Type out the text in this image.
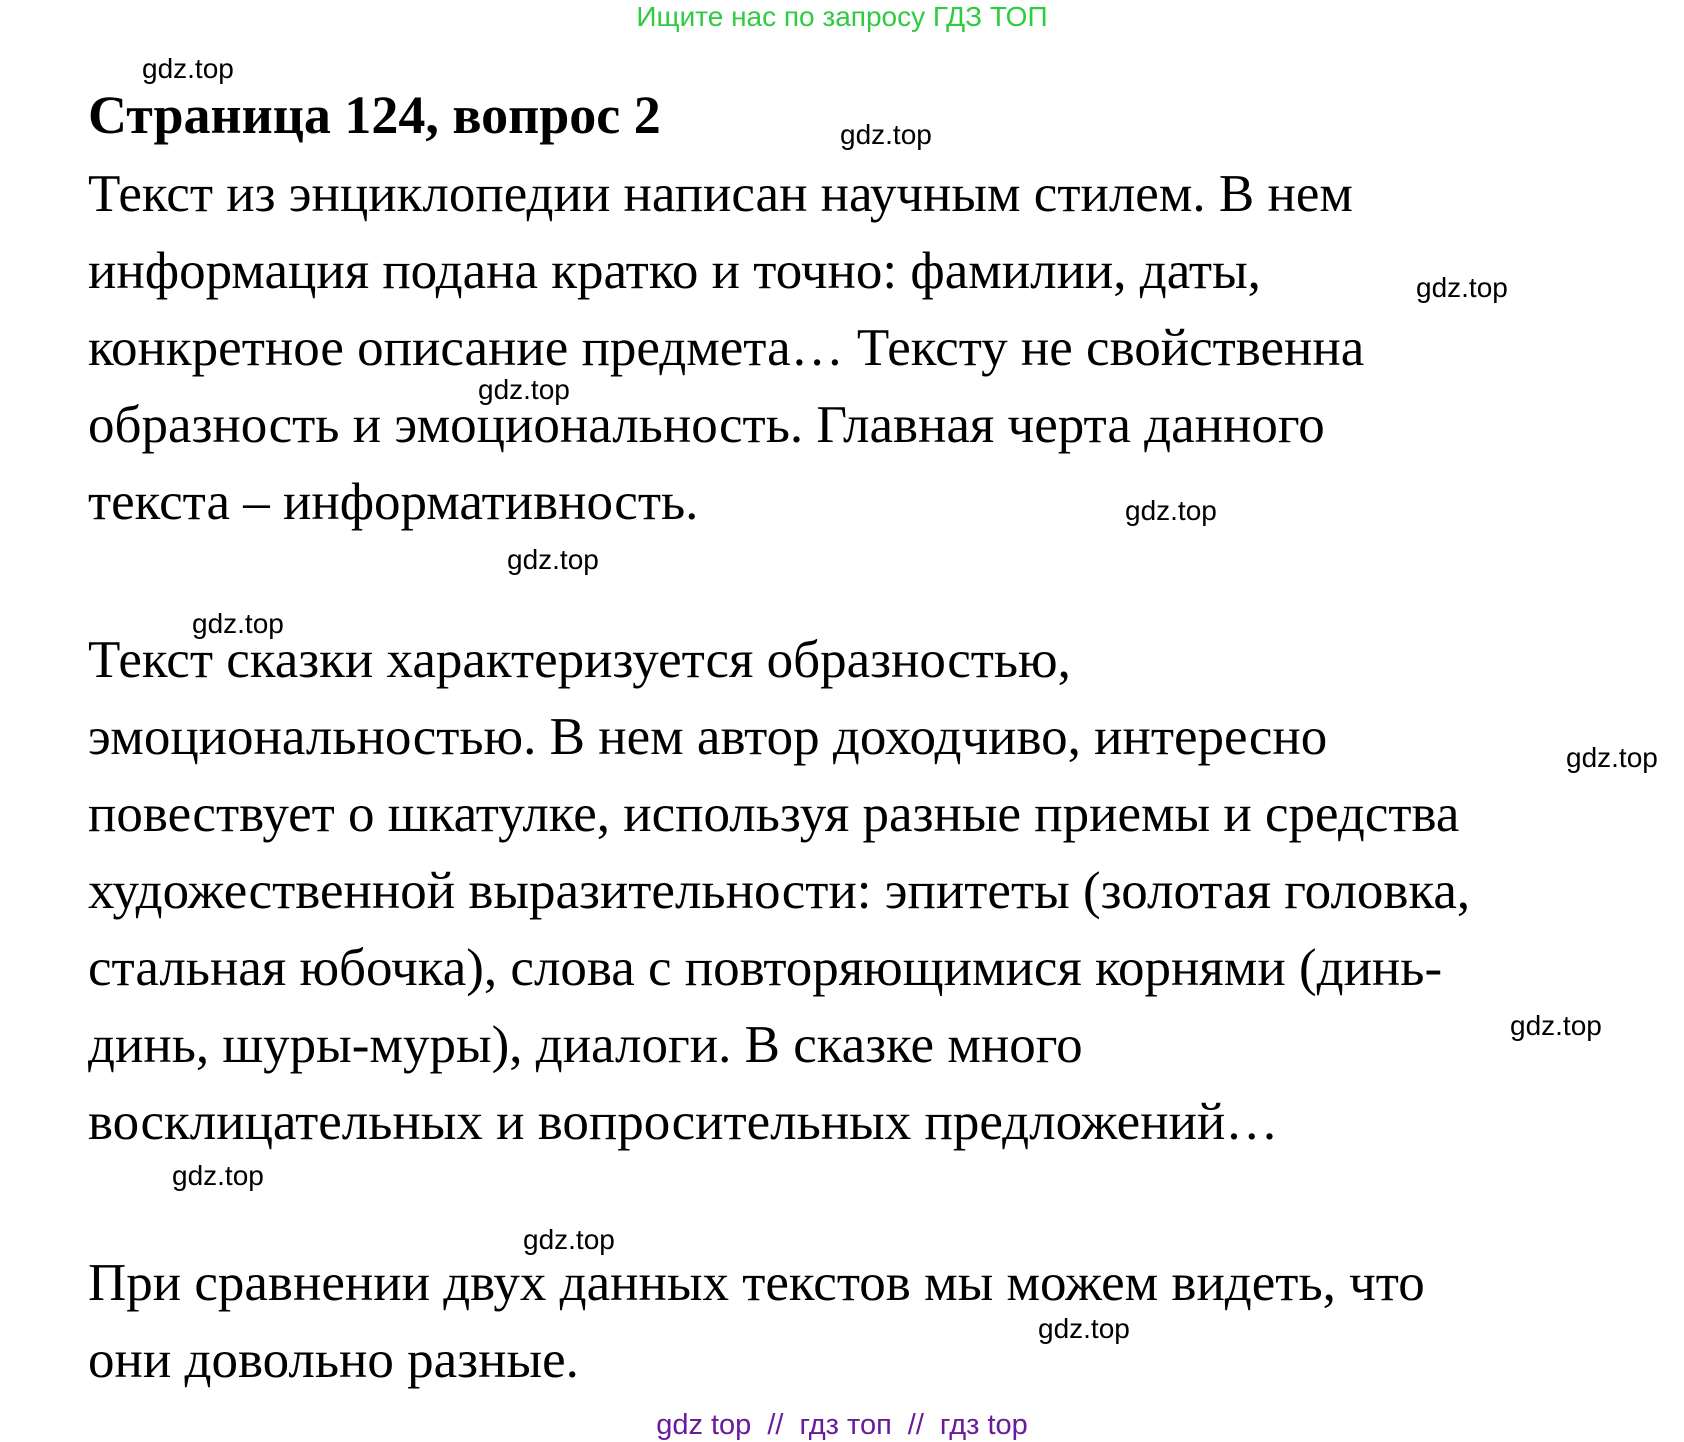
Ищите нас по запросу ГДЗ ТОП
gdz.top
Страница 124, вопрос 2	gdz.top
Текст из энциклопедии написан научным стилем. В нем
информация подана кратко и точно: фамилии, даты,
конкретное описание предмета… Тексту не свойственна
образность и эмоциональность. Главная черта данного
текста – информативность.
gdz.top
gdz.top
gdz.top
gdz.top
gdz.top
Текст сказки характеризуется образностью,
эмоциональностью. В нем автор доходчиво, интересно
повествует о шкатулке, используя разные приемы и средства
художественной выразительности: эпитеты (золотая головка,
стальная юбочка), слова с повторяющимися корнями (динь-
динь, шуры-муры), диалоги. В сказке много
восклицательных и вопросительных предложений…
gdz.top
gdz.top
gdz.top
gdz.top
При сравнении двух данных текстов мы можем видеть, что
они довольно разные.
gdz.top
gdz top // гдз топ // гдз top
